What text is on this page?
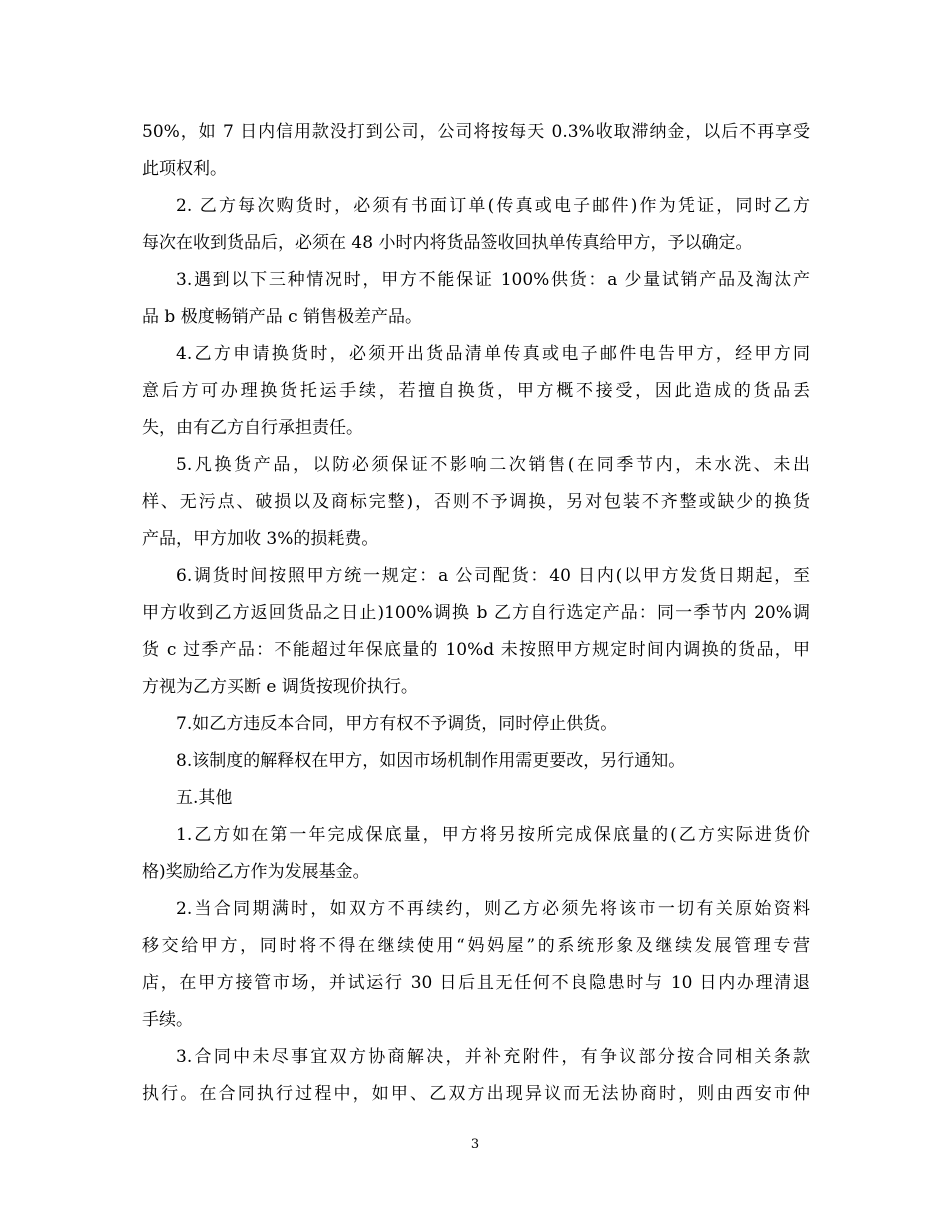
50%，如 7 日内信用款没打到公司，公司将按每天 0.3%收取滞纳金，以后不再享受
此项权利。
2. 乙方每次购货时，必须有书面订单(传真或电子邮件)作为凭证，同时乙方
每次在收到货品后，必须在 48 小时内将货品签收回执单传真给甲方，予以确定。
3.遇到以下三种情况时，甲方不能保证 100%供货：a 少量试销产品及淘汰产
品 b 极度畅销产品 c 销售极差产品。
4.乙方申请换货时，必须开出货品清单传真或电子邮件电告甲方，经甲方同
意后方可办理换货托运手续，若擅自换货，甲方概不接受，因此造成的货品丢
失，由有乙方自行承担责任。
5.凡换货产品，以防必须保证不影响二次销售(在同季节内，未水洗、未出
样、无污点、破损以及商标完整)，否则不予调换，另对包装不齐整或缺少的换货
产品，甲方加收 3%的损耗费。
6.调货时间按照甲方统一规定：a 公司配货：40 日内(以甲方发货日期起，至
甲方收到乙方返回货品之日止)100%调换 b 乙方自行选定产品：同一季节内 20%调
货 c 过季产品：不能超过年保底量的 10%d 未按照甲方规定时间内调换的货品，甲
方视为乙方买断 e 调货按现价执行。
7.如乙方违反本合同，甲方有权不予调货，同时停止供货。
8.该制度的解释权在甲方，如因市场机制作用需更要改，另行通知。
五.其他
1.乙方如在第一年完成保底量，甲方将另按所完成保底量的(乙方实际进货价
格)奖励给乙方作为发展基金。
2.当合同期满时，如双方不再续约，则乙方必须先将该市一切有关原始资料
移交给甲方，同时将不得在继续使用“妈妈屋”的系统形象及继续发展管理专营
店，在甲方接管市场，并试运行 30 日后且无任何不良隐患时与 10 日内办理清退
手续。
3.合同中未尽事宜双方协商解决，并补充附件，有争议部分按合同相关条款
执行。在合同执行过程中，如甲、乙双方出现异议而无法协商时，则由西安市仲
3
